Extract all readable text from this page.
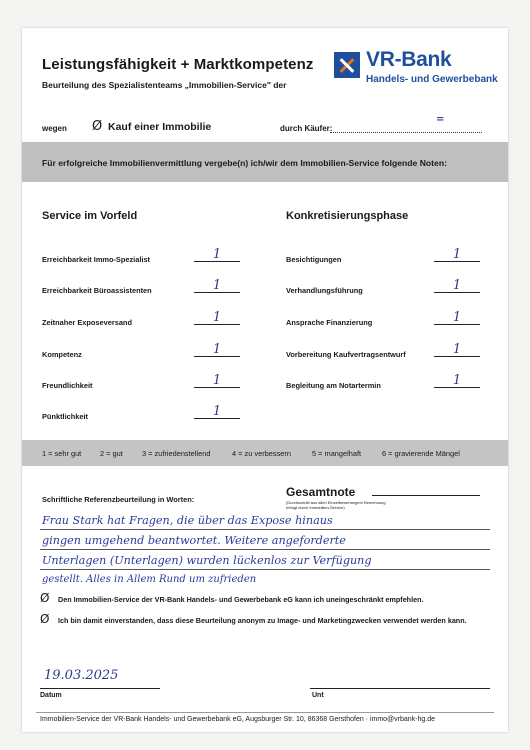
Leistungsfähigkeit + Marktkompetenz
Beurteilung des Spezialistenteams „Immobilien-Service" der
VR-Bank
Handels- und Gewerbebank
wegen Ø Kauf einer Immobilie	durch Käufer:
=
Für erfolgreiche Immobilienvermittlung vergebe(n) ich/wir dem Immobilien-Service folgende Noten:
Service im Vorfeld	Konkretisierungsphase
Erreichbarkeit Immo-Spezialist	1
Erreichbarkeit Büroassistenten	1
Zeitnaher Exposeversand	1
Kompetenz	1
Freundlichkeit	1
Pünktlichkeit	1
Besichtigungen	1
Verhandlungsführung	1
Ansprache Finanzierung	1
Vorbereitung Kaufvertragsentwurf	1
Begleitung am Notartermin	1
1 = sehr gut	2 = gut	3 = zufriedenstellend	4 = zu verbessern	5 = mangelhaft	6 = gravierende Mängel
Schriftliche Referenzbeurteilung in Worten:
Gesamtnote
(Durchschnitt aus allen Einzelbewertungen/ Berechnung erfolgt durch Immobilien-Service)
Frau Stark hat Fragen, die über das Expose hinaus
gingen umgehend beantwortet. Weitere angeforderte
Unterlagen (Unterlagen) wurden lückenlos zur Verfügung
gestellt. Alles in Allem Rund um zufrieden
Ø Den Immobilien-Service der VR-Bank Handels- und Gewerbebank eG kann ich uneingeschränkt empfehlen.
Ø Ich bin damit einverstanden, dass diese Beurteilung anonym zu Image- und Marketingzwecken verwendet werden kann.
19.03.2025
Datum	Unt
Immobilien-Service der VR-Bank Handels- und Gewerbebank eG, Augsburger Str. 10, 86368 Gersthofen · immo@vrbank-hg.de
